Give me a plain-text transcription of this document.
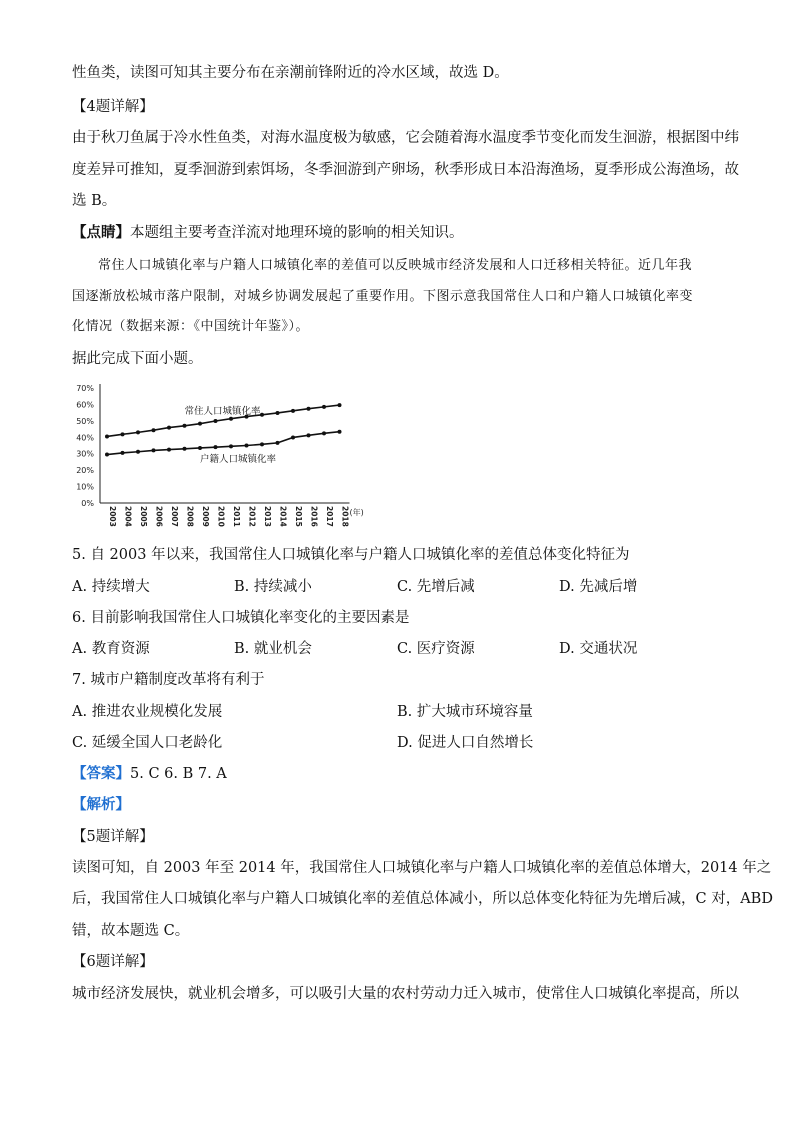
性鱼类，读图可知其主要分布在亲潮前锋附近的冷水区域，故选 D。
【4题详解】
由于秋刀鱼属于冷水性鱼类，对海水温度极为敏感，它会随着海水温度季节变化而发生洄游，根据图中纬
度差异可推知，夏季洄游到索饵场，冬季洄游到产卵场，秋季形成日本沿海渔场，夏季形成公海渔场，故
选 B。
【点睛】本题组主要考查洋流对地理环境的影响的相关知识。
常住人口城镇化率与户籍人口城镇化率的差值可以反映城市经济发展和人口迁移相关特征。近几年我
国逐渐放松城市落户限制，对城乡协调发展起了重要作用。下图示意我国常住人口和户籍人口城镇化率变
化情况（数据来源：《中国统计年鉴》）。
据此完成下面小题。
0%
10%
20%
30%
40%
50%
60%
70%
2003 2004 2005 2006 2007 2008 2009 2010 2011 2012 2013 2014 2015 2016 2017 2018 (年)
常住人口城镇化率
户籍人口城镇化率
5. 自 2003 年以来，我国常住人口城镇化率与户籍人口城镇化率的差值总体变化特征为
A. 持续增大	B. 持续减小	C. 先增后减	D. 先减后增
6. 目前影响我国常住人口城镇化率变化的主要因素是
A. 教育资源	B. 就业机会	C. 医疗资源	D. 交通状况
7. 城市户籍制度改革将有利于
A. 推进农业规模化发展	B. 扩大城市环境容量
C. 延缓全国人口老龄化	D. 促进人口自然增长
【答案】5. C 6. B 7. A
【解析】
【5题详解】
读图可知，自 2003 年至 2014 年，我国常住人口城镇化率与户籍人口城镇化率的差值总体增大，2014 年之
后，我国常住人口城镇化率与户籍人口城镇化率的差值总体减小，所以总体变化特征为先增后减，C 对，ABD
错，故本题选 C。
【6题详解】
城市经济发展快，就业机会增多，可以吸引大量的农村劳动力迁入城市，使常住人口城镇化率提高，所以
